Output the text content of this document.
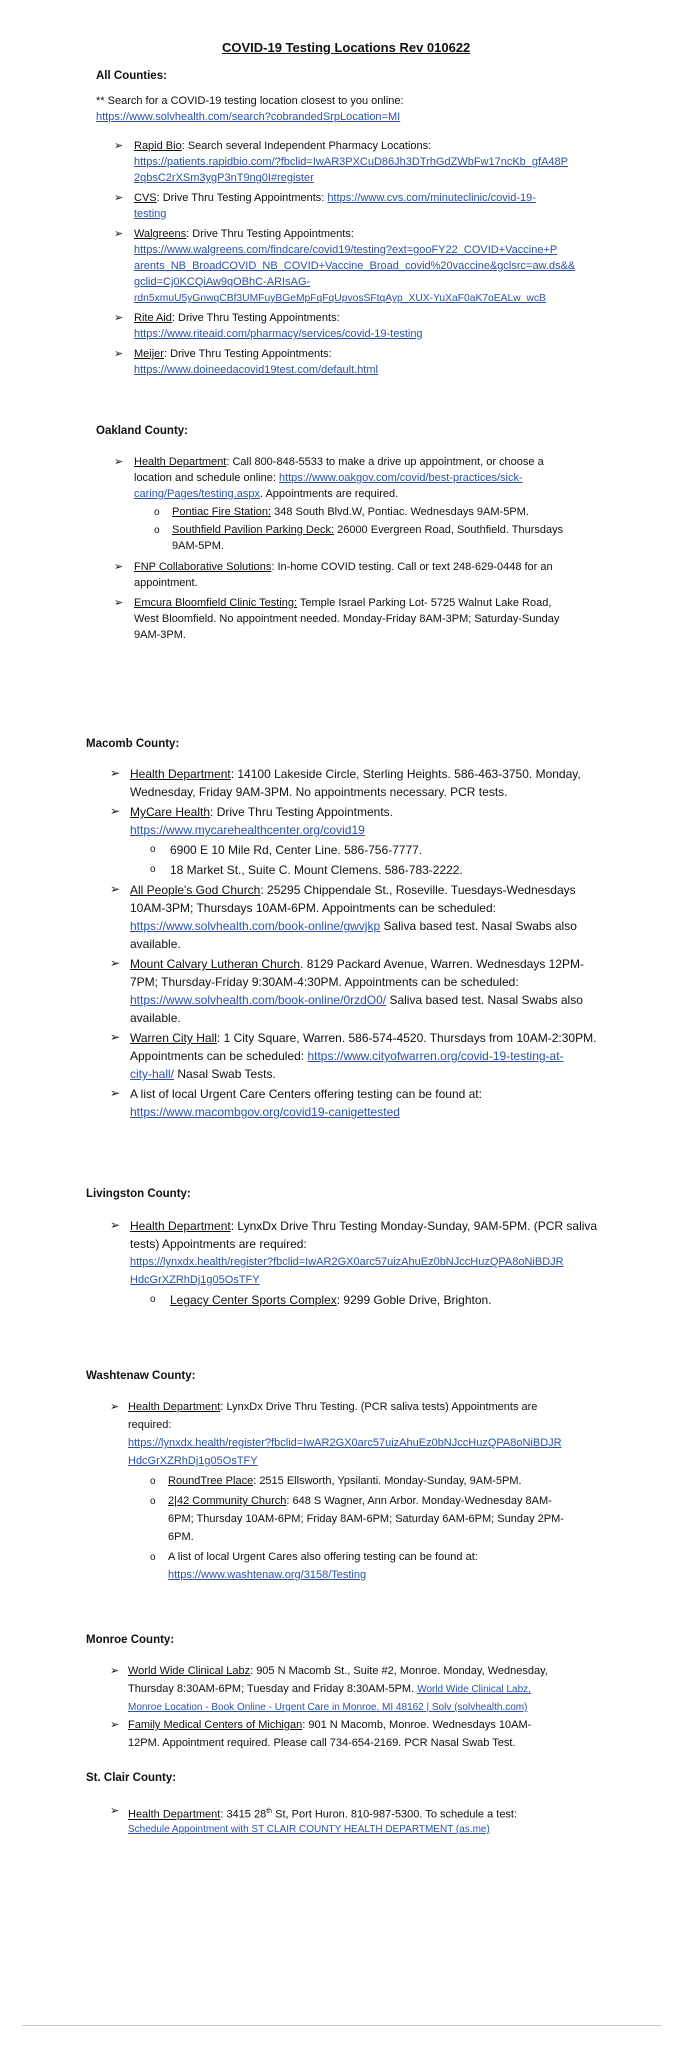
COVID-19 Testing Locations Rev 010622
All Counties:
** Search for a COVID-19 testing location closest to you online:
https://www.solvhealth.com/search?cobrandedSrpLocation=MI
➢ Rapid Bio: Search several Independent Pharmacy Locations:
https://patients.rapidbio.com/?fbclid=IwAR3PXCuD86Jh3DTrhGdZWbFw17ncKb_gfA48P
2qbsC2rXSm3ygP3nT9ng0I#register
➢ CVS: Drive Thru Testing Appointments: https://www.cvs.com/minuteclinic/covid-19-
testing
➢ Walgreens: Drive Thru Testing Appointments:
https://www.walgreens.com/findcare/covid19/testing?ext=gooFY22_COVID+Vaccine+P
arents_NB_BroadCOVID_NB_COVID+Vaccine_Broad_covid%20vaccine&gclsrc=aw.ds&&
gclid=Cj0KCQiAw9qOBhC-ARIsAG-
rdn5xmuU5yGnwqCBf3UMFuyBGeMpFqFqUpvosSFtqAyp_XUX-YuXaF0aK7oEALw_wcB
➢ Rite Aid: Drive Thru Testing Appointments:
https://www.riteaid.com/pharmacy/services/covid-19-testing
➢ Meijer: Drive Thru Testing Appointments:
https://www.doineedacovid19test.com/default.html
Oakland County:
➢ Health Department: Call 800-848-5533 to make a drive up appointment, or choose a
location and schedule online: https://www.oakgov.com/covid/best-practices/sick-
caring/Pages/testing.aspx. Appointments are required.
o Pontiac Fire Station: 348 South Blvd.W, Pontiac. Wednesdays 9AM-5PM.
o Southfield Pavilion Parking Deck: 26000 Evergreen Road, Southfield. Thursdays
9AM-5PM.
➢ FNP Collaborative Solutions: In-home COVID testing. Call or text 248-629-0448 for an
appointment.
➢ Emcura Bloomfield Clinic Testing: Temple Israel Parking Lot- 5725 Walnut Lake Road,
West Bloomfield. No appointment needed. Monday-Friday 8AM-3PM; Saturday-Sunday
9AM-3PM.
Macomb County:
➢ Health Department: 14100 Lakeside Circle, Sterling Heights. 586-463-3750. Monday,
Wednesday, Friday 9AM-3PM. No appointments necessary. PCR tests.
➢ MyCare Health: Drive Thru Testing Appointments.
https://www.mycarehealthcenter.org/covid19
o 6900 E 10 Mile Rd, Center Line. 586-756-7777.
o 18 Market St., Suite C. Mount Clemens. 586-783-2222.
➢ All People's God Church: 25295 Chippendale St., Roseville. Tuesdays-Wednesdays
10AM-3PM; Thursdays 10AM-6PM. Appointments can be scheduled:
https://www.solvhealth.com/book-online/gwvjkp Saliva based test. Nasal Swabs also
available.
➢ Mount Calvary Lutheran Church. 8129 Packard Avenue, Warren. Wednesdays 12PM-
7PM; Thursday-Friday 9:30AM-4:30PM. Appointments can be scheduled:
https://www.solvhealth.com/book-online/0rzdO0/ Saliva based test. Nasal Swabs also
available.
➢ Warren City Hall: 1 City Square, Warren. 586-574-4520. Thursdays from 10AM-2:30PM.
Appointments can be scheduled: https://www.cityofwarren.org/covid-19-testing-at-
city-hall/ Nasal Swab Tests.
➢ A list of local Urgent Care Centers offering testing can be found at:
https://www.macombgov.org/covid19-canigettested
Livingston County:
➢ Health Department: LynxDx Drive Thru Testing Monday-Sunday, 9AM-5PM. (PCR saliva
tests) Appointments are required:
https://lynxdx.health/register?fbclid=IwAR2GX0arc57uizAhuEz0bNJccHuzQPA8oNiBDJR
HdcGrXZRhDj1g05OsTFY
o Legacy Center Sports Complex: 9299 Goble Drive, Brighton.
Washtenaw County:
➢ Health Department: LynxDx Drive Thru Testing. (PCR saliva tests) Appointments are
required:
https://lynxdx.health/register?fbclid=IwAR2GX0arc57uizAhuEz0bNJccHuzQPA8oNiBDJR
HdcGrXZRhDj1g05OsTFY
o RoundTree Place: 2515 Ellsworth, Ypsilanti. Monday-Sunday, 9AM-5PM.
o 2|42 Community Church: 648 S Wagner, Ann Arbor. Monday-Wednesday 8AM-
6PM; Thursday 10AM-6PM; Friday 8AM-6PM; Saturday 6AM-6PM; Sunday 2PM-
6PM.
o A list of local Urgent Cares also offering testing can be found at:
https://www.washtenaw.org/3158/Testing
Monroe County:
➢ World Wide Clinical Labz: 905 N Macomb St., Suite #2, Monroe. Monday, Wednesday,
Thursday 8:30AM-6PM; Tuesday and Friday 8:30AM-5PM. World Wide Clinical Labz,
Monroe Location - Book Online - Urgent Care in Monroe, MI 48162 | Solv (solvhealth.com)
➢ Family Medical Centers of Michigan: 901 N Macomb, Monroe. Wednesdays 10AM-
12PM. Appointment required. Please call 734-654-2169. PCR Nasal Swab Test.
St. Clair County:
➢ Health Department: 3415 28th St, Port Huron. 810-987-5300. To schedule a test:
Schedule Appointment with ST CLAIR COUNTY HEALTH DEPARTMENT (as.me)
